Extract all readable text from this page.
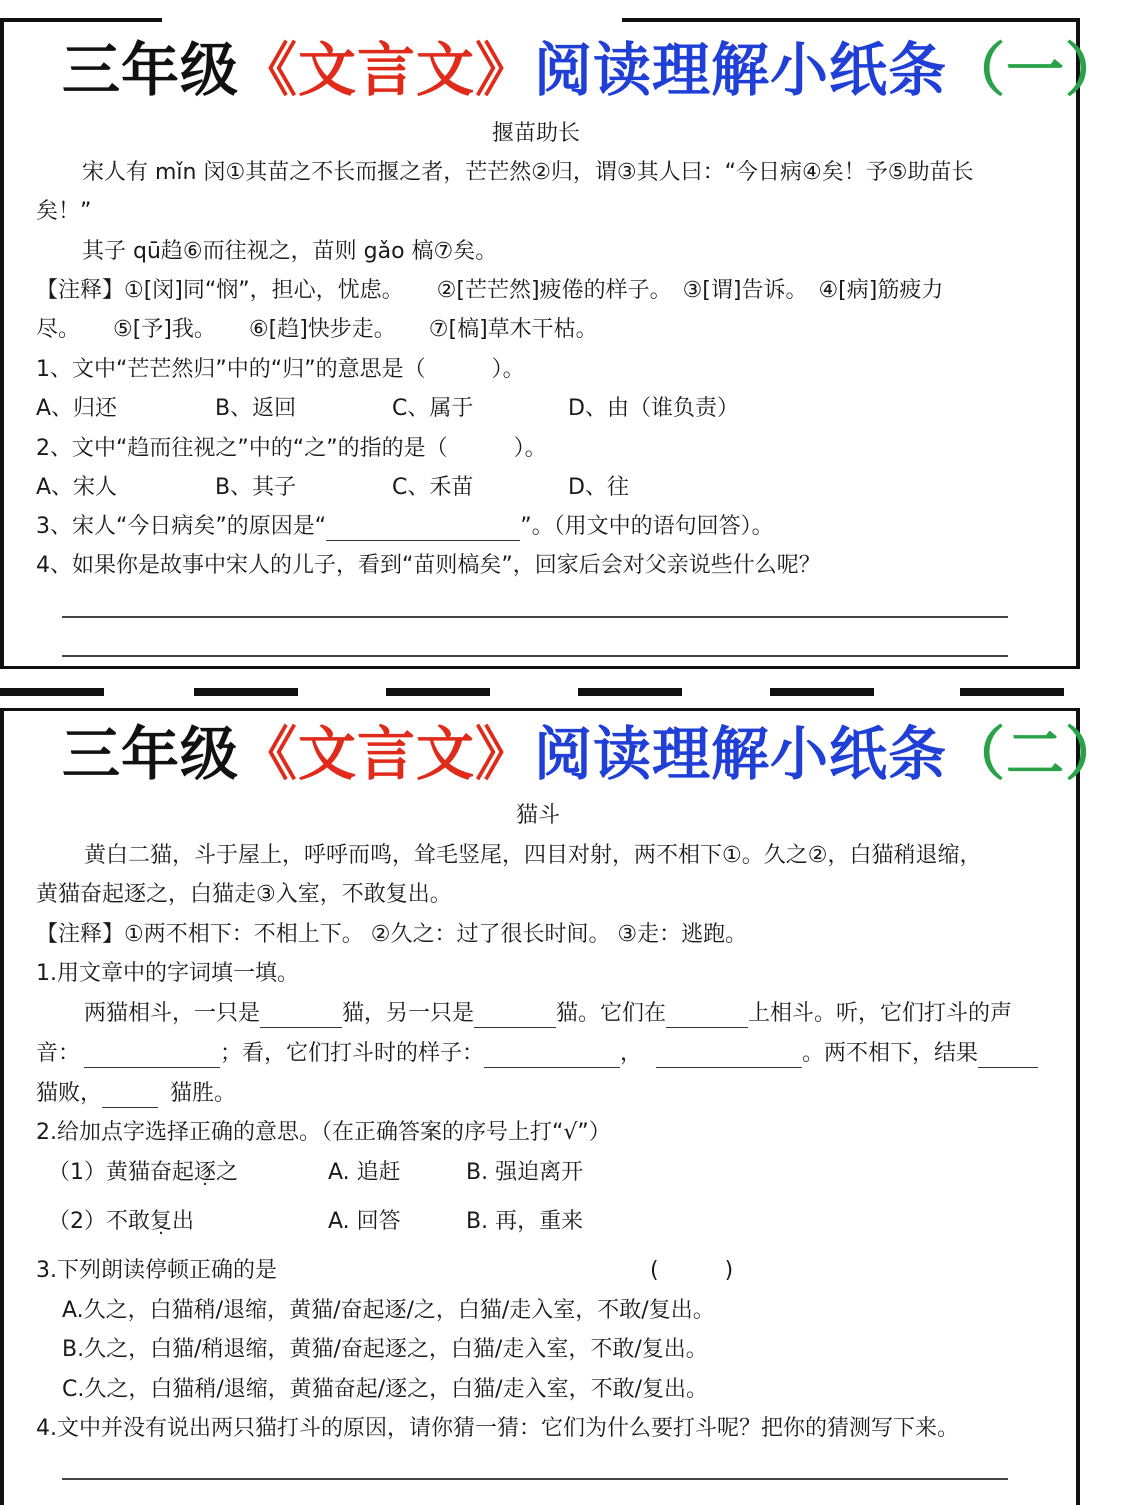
三年级《文言文》阅读理解小纸条（一）
揠苗助长
宋人有 mǐn 闵①其苗之不长而揠之者，芒芒然②归，谓③其人曰：“今日病④矣！予⑤助苗长
矣！”
其子 qū趋⑥而往视之，苗则 gǎo 槁⑦矣。
【注释】①[闵]同“悯”，担心，忧虑。　　②[芒芒然]疲倦的样子。　③[谓]告诉。　④[病]筋疲力
尽。　　⑤[予]我。　　⑥[趋]快步走。　　⑦[槁]草木干枯。
1、文中“芒芒然归”中的“归”的意思是（　　　）。
A、归还	B、返回	C、属于	D、由（谁负责）
2、文中“趋而往视之”中的“之”的指的是（　　　）。
A、宋人	B、其子	C、禾苗	D、往
3、宋人“今日病矣”的原因是“	”。（用文中的语句回答）。
4、如果你是故事中宋人的儿子，看到“苗则槁矣”，回家后会对父亲说些什么呢？
三年级《文言文》阅读理解小纸条（二）
猫斗
黄白二猫，斗于屋上，呼呼而鸣，耸毛竖尾，四目对射，两不相下①。久之②，白猫稍退缩，
黄猫奋起逐之，白猫走③入室，不敢复出。
【注释】①两不相下：不相上下。 ②久之：过了很长时间。 ③走：逃跑。
1.用文章中的字词填一填。
两猫相斗，一只是	猫，另一只是	猫。它们在	上相斗。听，它们打斗的声
音：	；看，它们打斗时的样子：	，	。两不相下，结果
猫败，	猫胜。
2.给加点字选择正确的意思。（在正确答案的序号上打“√”）
（1）黄猫奋起逐之	A. 追赶	B. 强迫离开
（2）不敢复出	A. 回答	B. 再，重来
3.下列朗读停顿正确的是	(　　　)
A.久之，白猫稍/退缩，黄猫/奋起逐/之，白猫/走入室，不敢/复出。
B.久之，白猫/稍退缩，黄猫/奋起逐之，白猫/走入室，不敢/复出。
C.久之，白猫稍/退缩，黄猫奋起/逐之，白猫/走入室，不敢/复出。
4.文中并没有说出两只猫打斗的原因，请你猜一猜：它们为什么要打斗呢？把你的猜测写下来。
